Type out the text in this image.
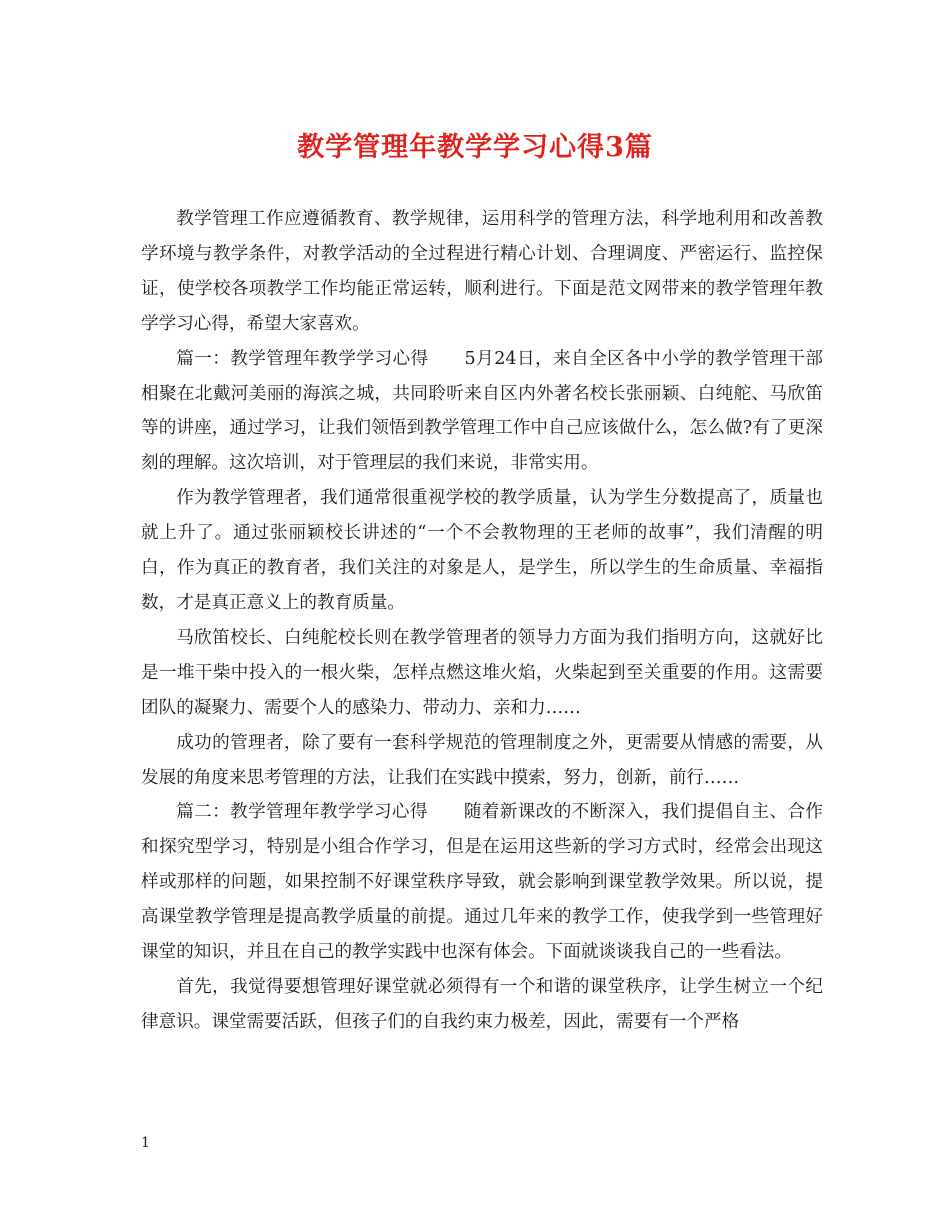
教学管理年教学学习心得3篇

教学管理工作应遵循教育、教学规律，运用科学的管理方法，科学地利用和改善教学环境与教学条件，对教学活动的全过程进行精心计划、合理调度、严密运行、监控保证，使学校各项教学工作均能正常运转，顺利进行。下面是范文网带来的教学管理年教学学习心得，希望大家喜欢。

篇一：教学管理年教学学习心得　　5月24日，来自全区各中小学的教学管理干部相聚在北戴河美丽的海滨之城，共同聆听来自区内外著名校长张丽颖、白纯舵、马欣笛等的讲座，通过学习，让我们领悟到教学管理工作中自己应该做什么，怎么做?有了更深刻的理解。这次培训，对于管理层的我们来说，非常实用。

作为教学管理者，我们通常很重视学校的教学质量，认为学生分数提高了，质量也就上升了。通过张丽颖校长讲述的“一个不会教物理的王老师的故事”，我们清醒的明白，作为真正的教育者，我们关注的对象是人，是学生，所以学生的生命质量、幸福指数，才是真正意义上的教育质量。

马欣笛校长、白纯舵校长则在教学管理者的领导力方面为我们指明方向，这就好比是一堆干柴中投入的一根火柴，怎样点燃这堆火焰，火柴起到至关重要的作用。这需要团队的凝聚力、需要个人的感染力、带动力、亲和力……

成功的管理者，除了要有一套科学规范的管理制度之外，更需要从情感的需要，从发展的角度来思考管理的方法，让我们在实践中摸索，努力，创新，前行……

篇二：教学管理年教学学习心得　　随着新课改的不断深入，我们提倡自主、合作和探究型学习，特别是小组合作学习，但是在运用这些新的学习方式时，经常会出现这样或那样的问题，如果控制不好课堂秩序导致，就会影响到课堂教学效果。所以说，提高课堂教学管理是提高教学质量的前提。通过几年来的教学工作，使我学到一些管理好课堂的知识，并且在自己的教学实践中也深有体会。下面就谈谈我自己的一些看法。

首先，我觉得要想管理好课堂就必须得有一个和谐的课堂秩序，让学生树立一个纪律意识。课堂需要活跃，但孩子们的自我约束力极差，因此，需要有一个严格

1
